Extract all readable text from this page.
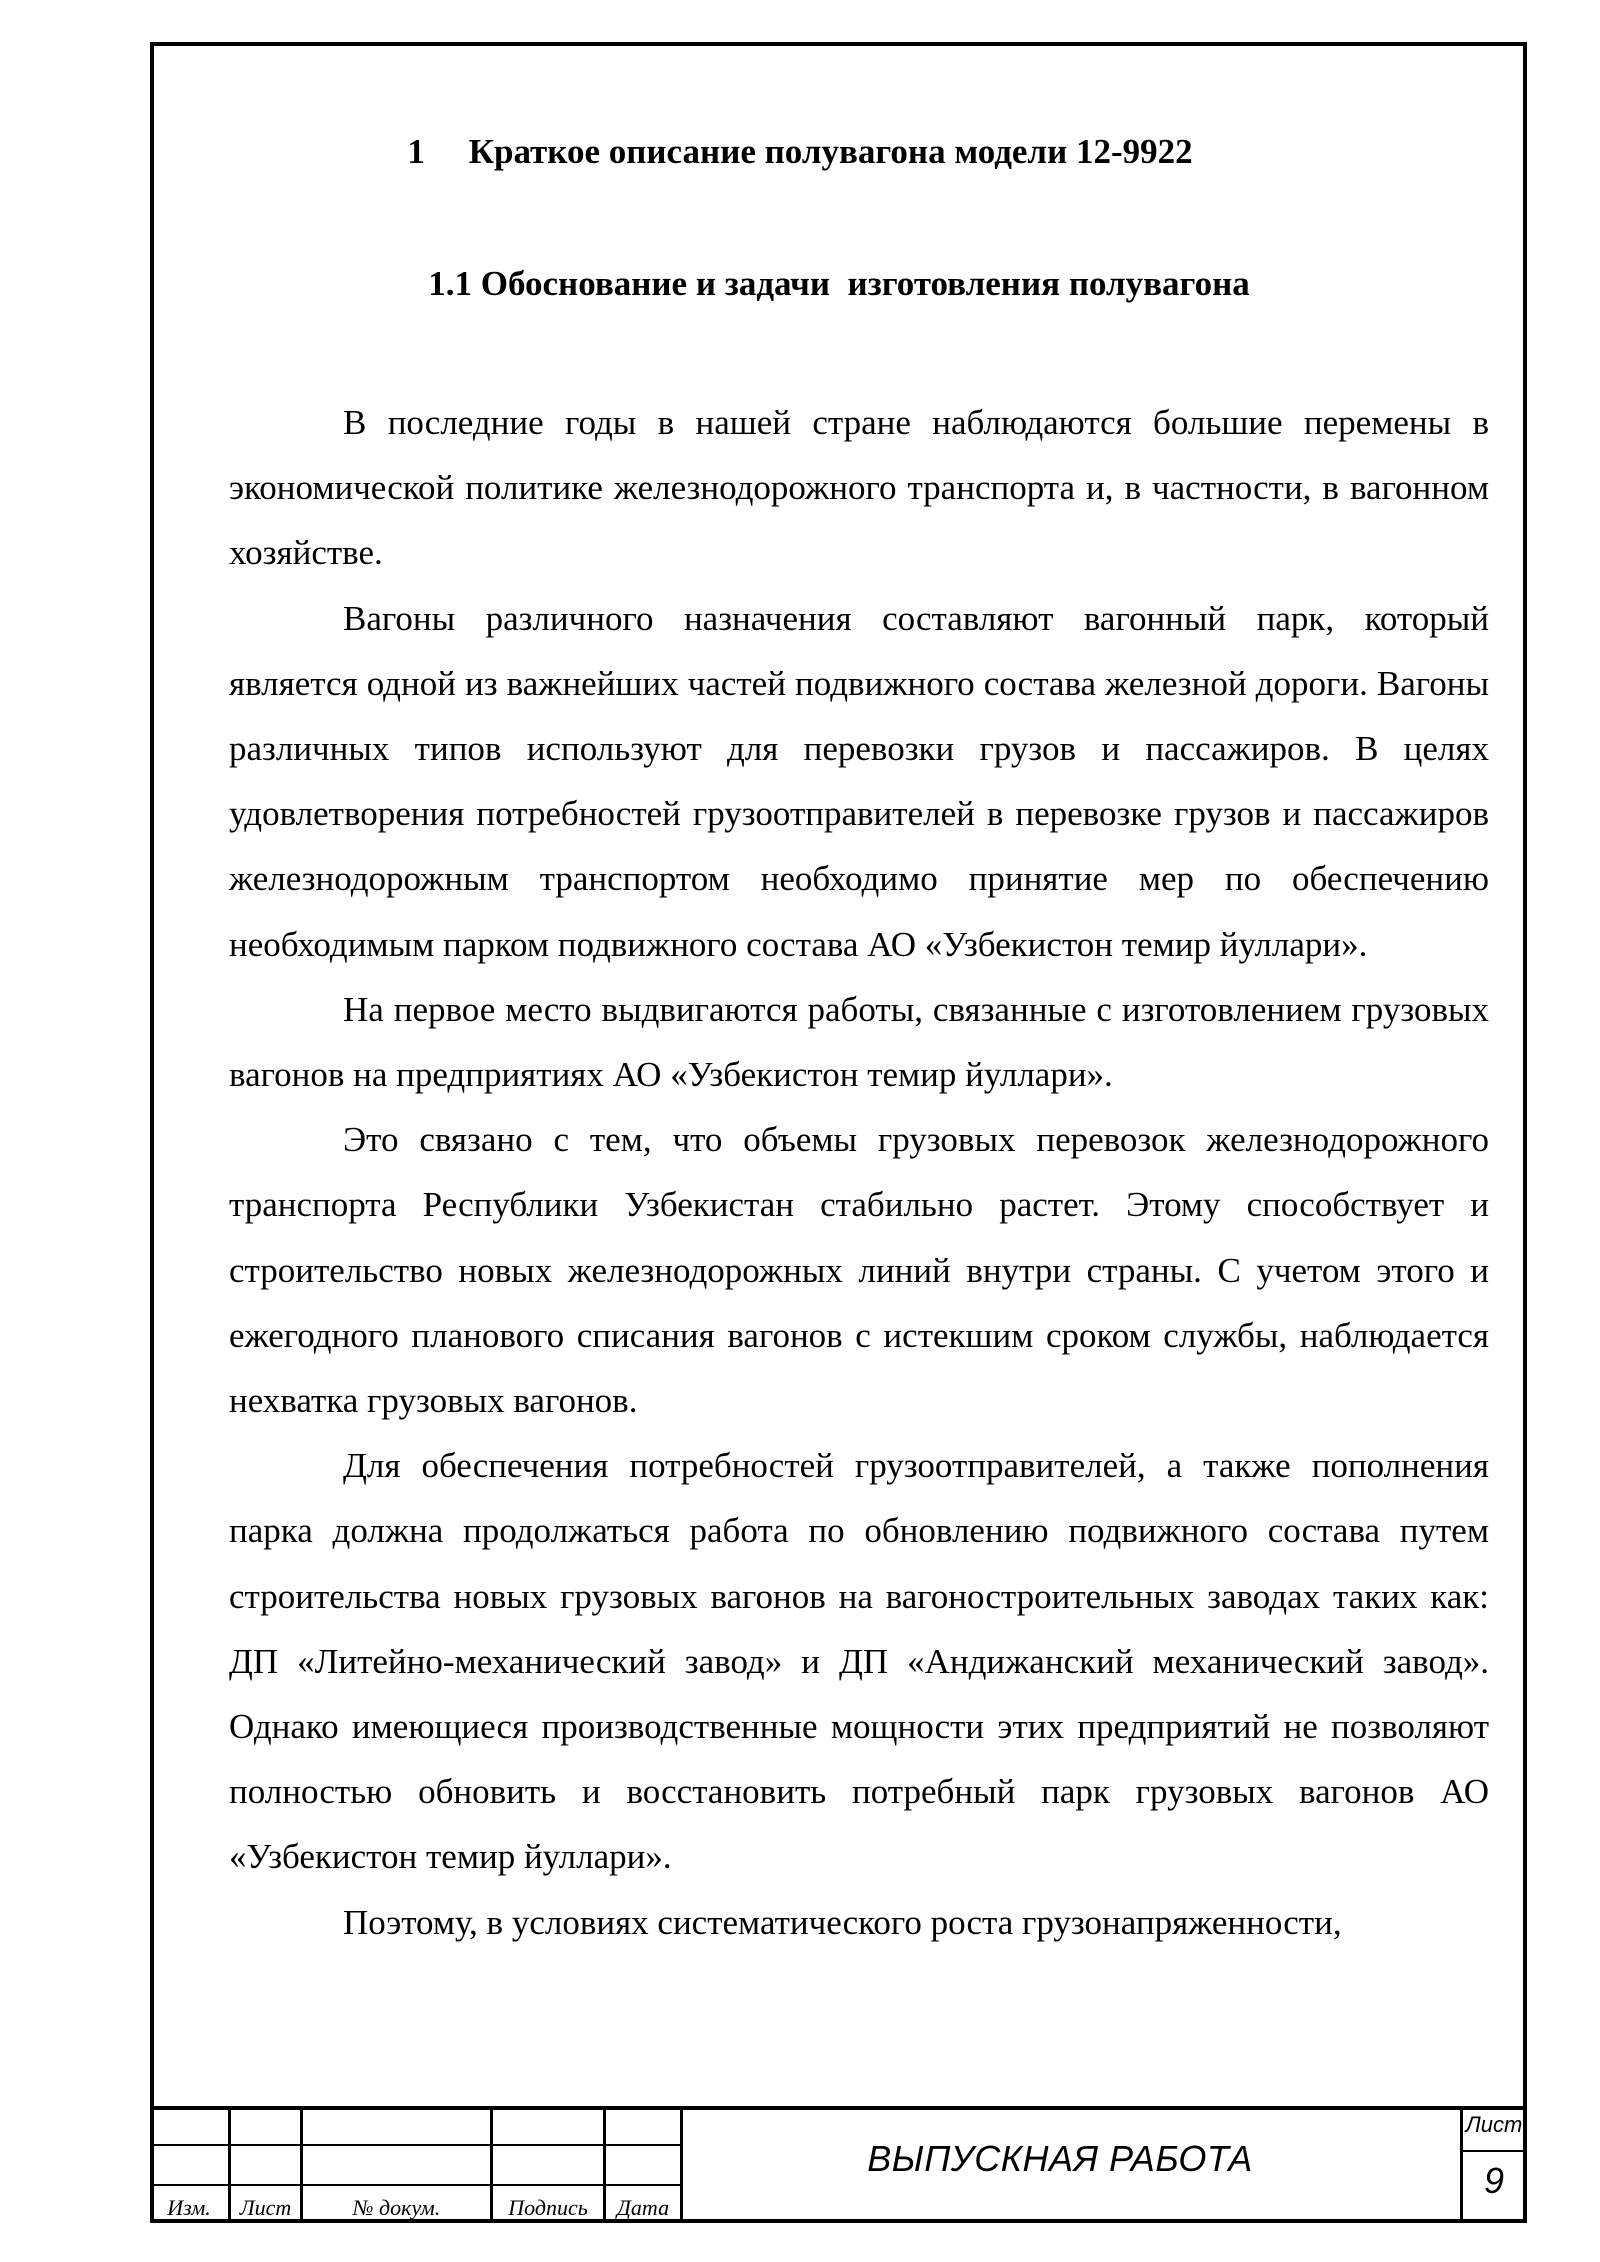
1     Краткое описание полувагона модели 12-9922
1.1 Обоснование и задачи  изготовления полувагона

В последние годы в нашей стране наблюдаются большие перемены в экономической политике железнодорожного транспорта и, в частности, в вагонном хозяйстве.

Вагоны различного назначения составляют вагонный парк, который является одной из важнейших частей подвижного состава железной дороги. Вагоны различных типов используют для перевозки грузов и пассажиров. В целях удовлетворения потребностей грузоотправителей в перевозке грузов и пассажиров железнодорожным транспортом необходимо принятие мер по обеспечению необходимым парком подвижного состава АО «Узбекистон темир йуллари».

На первое место выдвигаются работы, связанные с изготовлением грузовых вагонов на предприятиях АО «Узбекистон темир йуллари».

Это связано с тем, что объемы грузовых перевозок железнодорожного транспорта Республики Узбекистан стабильно растет. Этому способствует и строительство новых железнодорожных линий внутри страны. С учетом этого и ежегодного планового списания вагонов с истекшим сроком службы, наблюдается нехватка грузовых вагонов.

Для обеспечения потребностей грузоотправителей, а также пополнения парка должна продолжаться работа по обновлению подвижного состава путем строительства новых грузовых вагонов на вагоностроительных заводах таких как: ДП «Литейно-механический завод» и ДП «Андижанский механический завод». Однако имеющиеся производственные мощности этих предприятий не позволяют полностью обновить и восстановить потребный парк грузовых вагонов АО «Узбекистон темир йуллари».

Поэтому, в условиях систематического роста грузонапряженности,

Изм.	Лист	№ докум.	Подпись	Дата
ВЫПУСКНАЯ РАБОТА
Лист
9
